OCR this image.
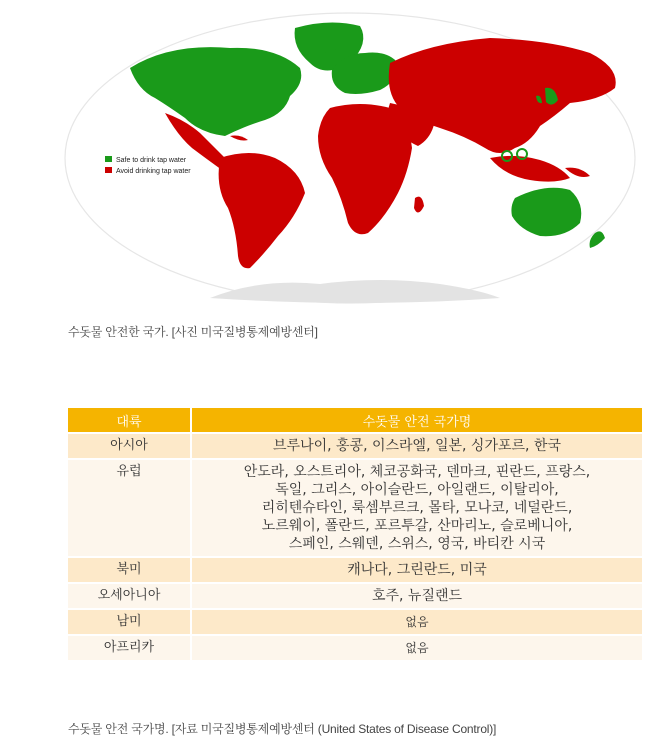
Safe to drink tap water
Avoid drinking tap water
수돗물 안전한 국가. [사진 미국질병통제예방센터]
대륙	수돗물 안전 국가명
아시아	브루나이, 홍콩, 이스라엘, 일본, 싱가포르, 한국

유럽	안도라, 오스트리아, 체코공화국, 덴마크, 핀란드, 프랑스,
독일, 그리스, 아이슬란드, 아일랜드, 이탈리아,
리히텐슈타인, 룩셈부르크, 몰타, 모나코, 네덜란드,
노르웨이, 폴란드, 포르투갈, 산마리노, 슬로베니아,
스페인, 스웨덴, 스위스, 영국, 바티칸 시국

북미	캐나다, 그린란드, 미국

오세아니아	호주, 뉴질랜드

남미	없음

아프리카	없음
수돗물 안전 국가명. [자료 미국질병통제예방센터 (United States of Disease Control)]
